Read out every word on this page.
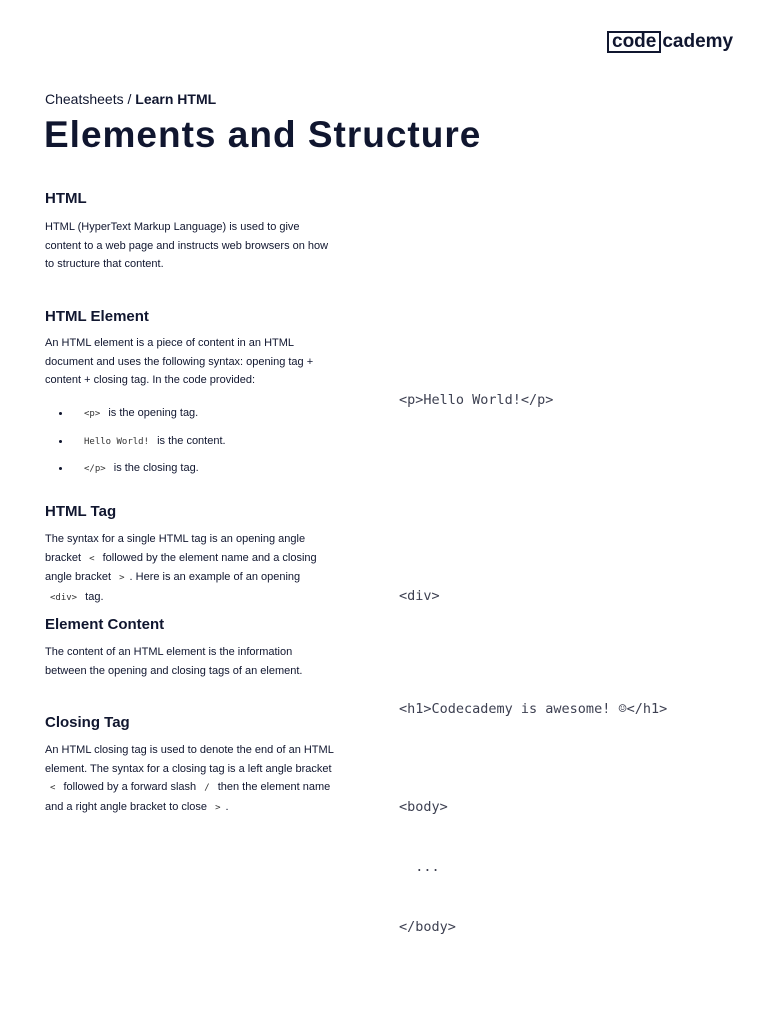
code cademy
Cheatsheets / Learn HTML
Elements and Structure
HTML

HTML (HyperText Markup Language) is used to give content to a web page and instructs web browsers on how to structure that content.

HTML Element

An HTML element is a piece of content in an HTML document and uses the following syntax: opening tag + content + closing tag. In the code provided:

<p> is the opening tag.
Hello World! is the content.
</p> is the closing tag.

<p>Hello World!</p>

HTML Tag

The syntax for a single HTML tag is an opening angle bracket < followed by the element name and a closing angle bracket > . Here is an example of an opening <div> tag.

	<div>

Element Content

The content of an HTML element is the information between the opening and closing tags of an element.

<h1>Codecademy is awesome! ☺</h1>

Closing Tag

An HTML closing tag is used to denote the end of an HTML element. The syntax for a closing tag is a left angle bracket < followed by a forward slash / then the element name and a right angle bracket to close > .

	<body>

...

</body>
